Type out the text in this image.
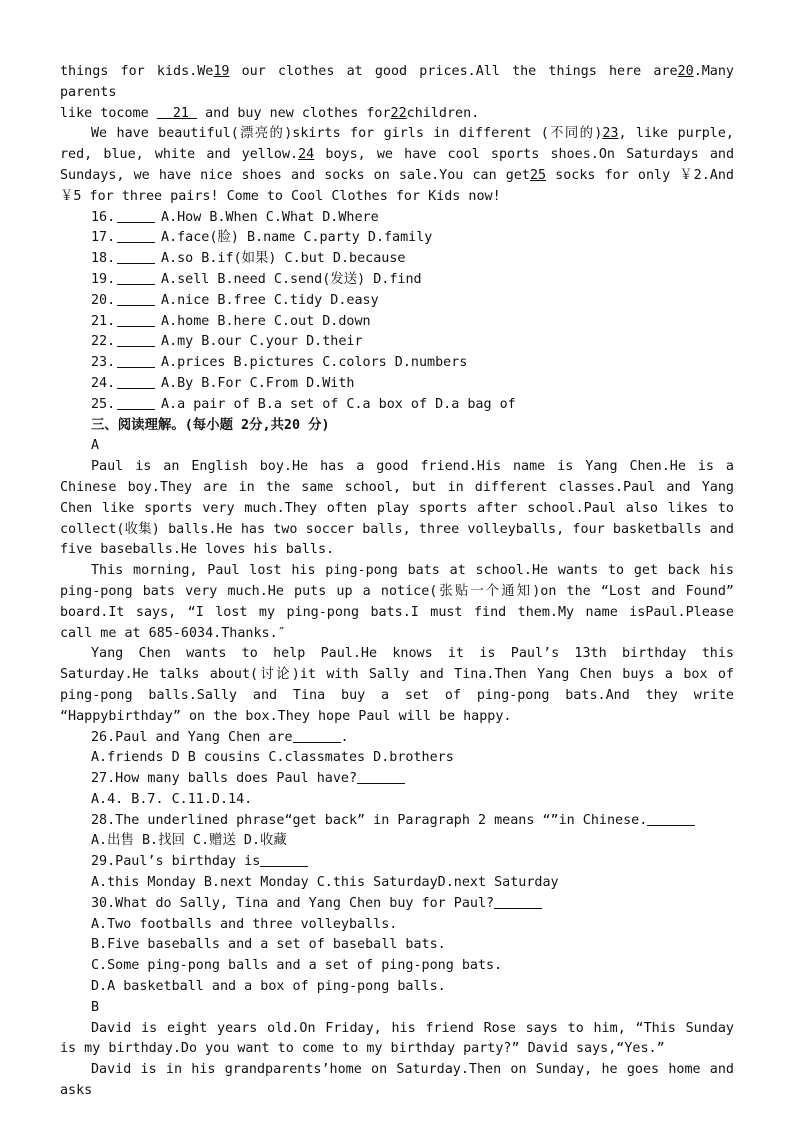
things for kids.We19 our clothes at good prices.All the things here are20.Many parents

like tocome   21  and buy new clothes for22children.

We have beautiful(漂亮的)skirts for girls in different (不同的)23, like purple, red, blue, white and yellow.24 boys, we have cool sports shoes.On Saturdays and Sundays, we have nice shoes and socks on sale.You can get25 socks for only ￥2.And ￥5 for three pairs! Come to Cool Clothes for Kids now!

16.	A.How B.When C.What D.Where

17.	A.face(脸) B.name C.party D.family

18.	A.so B.if(如果) C.but D.because

19.	A.sell B.need C.send(发送) D.find

20.	A.nice B.free C.tidy D.easy

21.	A.home B.here C.out D.down

22.	A.my B.our C.your D.their

23.	A.prices B.pictures C.colors D.numbers

24.	A.By B.For C.From D.With

25.	A.a pair of B.a set of C.a box of D.a bag of

三、阅读理解。(每小题 2分,共20 分)

A

Paul is an English boy.He has a good friend.His name is Yang Chen.He is a Chinese boy.They are in the same school, but in different classes.Paul and Yang Chen like sports very much.They often play sports after school.Paul also likes to collect(收集) balls.He has two soccer balls, three volleyballs, four basketballs and five baseballs.He loves his balls.

This morning, Paul lost his ping-pong bats at school.He wants to get back his ping-pong bats very much.He puts up a notice(张贴一个通知)on the “Lost and Found” board.It says, “I lost my ping-pong bats.I must find them.My name isPaul.Please call me at 685-6034.Thanks.″

Yang Chen wants to help Paul.He knows it is Paul’s 13th birthday this Saturday.He talks about(讨论)it with Sally and Tina.Then Yang Chen buys a box of ping-pong balls.Sally and Tina buy a set of ping-pong bats.And they write “Happybirthday” on the box.They hope Paul will be happy.

26.Paul and Yang Chen are	.

A.friends D B cousins C.classmates D.brothers

27.How many balls does Paul have?

A.4. B.7. C.11.D.14.

28.The underlined phrase“get back” in Paragraph 2 means “”in Chinese.

A.出售 B.找回 C.赠送 D.收藏

29.Paul’s birthday is

A.this Monday B.next Monday C.this SaturdayD.next Saturday

30.What do Sally, Tina and Yang Chen buy for Paul?

A.Two footballs and three volleyballs.

B.Five baseballs and a set of baseball bats.

C.Some ping-pong balls and a set of ping-pong bats.

D.A basketball and a box of ping-pong balls.

B

David is eight years old.On Friday, his friend Rose says to him, “This Sunday is my birthday.Do you want to come to my birthday party?” David says,“Yes.”

David is in his grandparents’home on Saturday.Then on Sunday, he goes home and asks
